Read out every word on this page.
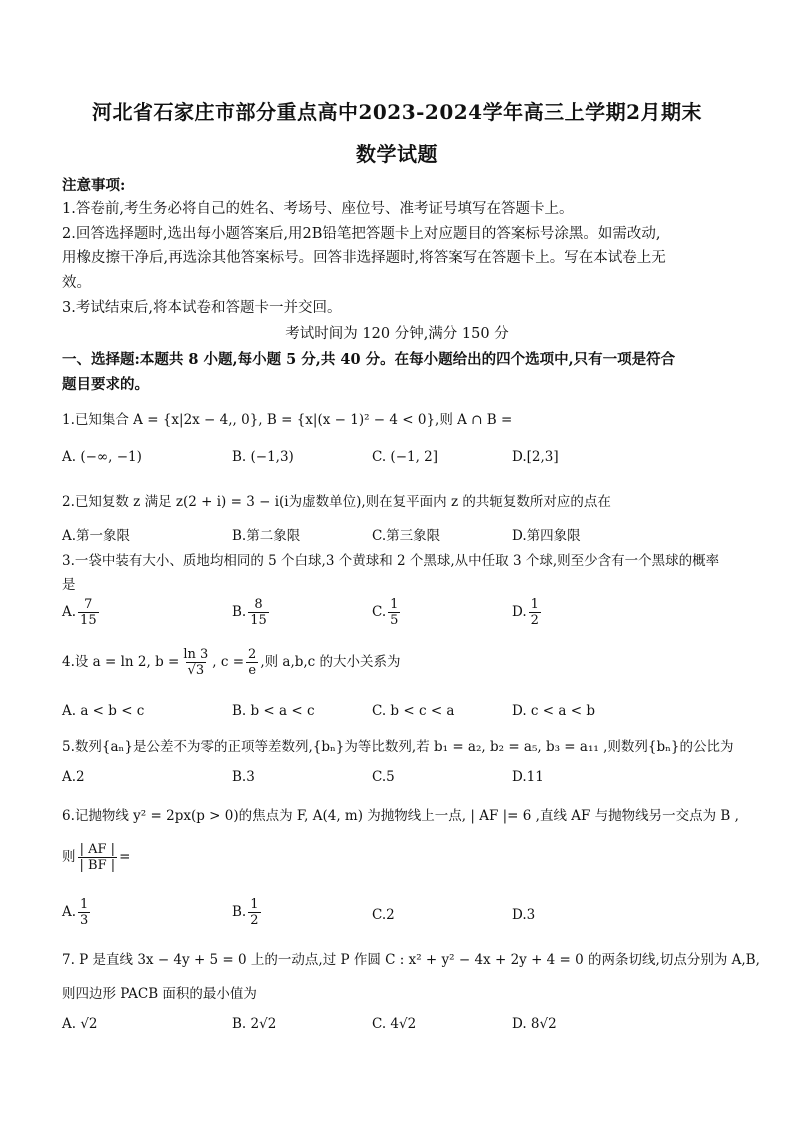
河北省石家庄市部分重点高中2023-2024学年高三上学期2月期末
数学试题
注意事项:
1.答卷前,考生务必将自己的姓名、考场号、座位号、准考证号填写在答题卡上。
2.回答选择题时,选出每小题答案后,用2B铅笔把答题卡上对应题目的答案标号涂黑。如需改动,
用橡皮擦干净后,再选涂其他答案标号。回答非选择题时,将答案写在答题卡上。写在本试卷上无
效。
3.考试结束后,将本试卷和答题卡一并交回。
考试时间为 120 分钟,满分 150 分
一、选择题:本题共 8 小题,每小题 5 分,共 40 分。在每小题给出的四个选项中,只有一项是符合
题目要求的。
1.已知集合 A = {x|2x − 4,, 0}, B = {x|(x − 1)² − 4 < 0},则 A ∩ B =
A. (−∞, −1)	B. (−1,3)	C. (−1, 2]	D.[2,3]
2.已知复数 z 满足 z(2 + i) = 3 − i(i为虚数单位),则在复平面内 z 的共轭复数所对应的点在
A.第一象限	B.第二象限	C.第三象限	D.第四象限
3.一袋中装有大小、质地均相同的 5 个白球,3 个黄球和 2 个黑球,从中任取 3 个球,则至少含有一个黑球的概率
是
A. $\frac{7}{15}$	B. $\frac{8}{15}$	C. $\frac{1}{5}$	D. $\frac{1}{2}$
4.设 a = ln 2, $b = \frac{\ln 3}{√3}$ , $c = \frac{2}{e}$ ,则 a,b,c 的大小关系为
A. a < b < c	B. b < a < c	C. b < c < a	D. c < a < b
5.数列{aₙ}是公差不为零的正项等差数列,{bₙ}为等比数列,若 b₁ = a₂, b₂ = a₅, b₃ = a₁₁ ,则数列{bₙ}的公比为
A.2	B.3	C.5	D.11
6.记抛物线 y² = 2px(p > 0)的焦点为 F, A(4, m) 为抛物线上一点, | AF |= 6 ,直线 AF 与抛物线另一交点为 B ,
则 $\frac{| AF |}{| BF |}$ =
A. $\frac{1}{3}$	B. $\frac{1}{2}$	C.2	D.3
7. P 是直线 3x − 4y + 5 = 0 上的一动点,过 P 作圆 C : x² + y² − 4x + 2y + 4 = 0 的两条切线,切点分别为 A,B,
则四边形 PACB 面积的最小值为
A. √2	B. 2√2	C. 4√2	D. 8√2
